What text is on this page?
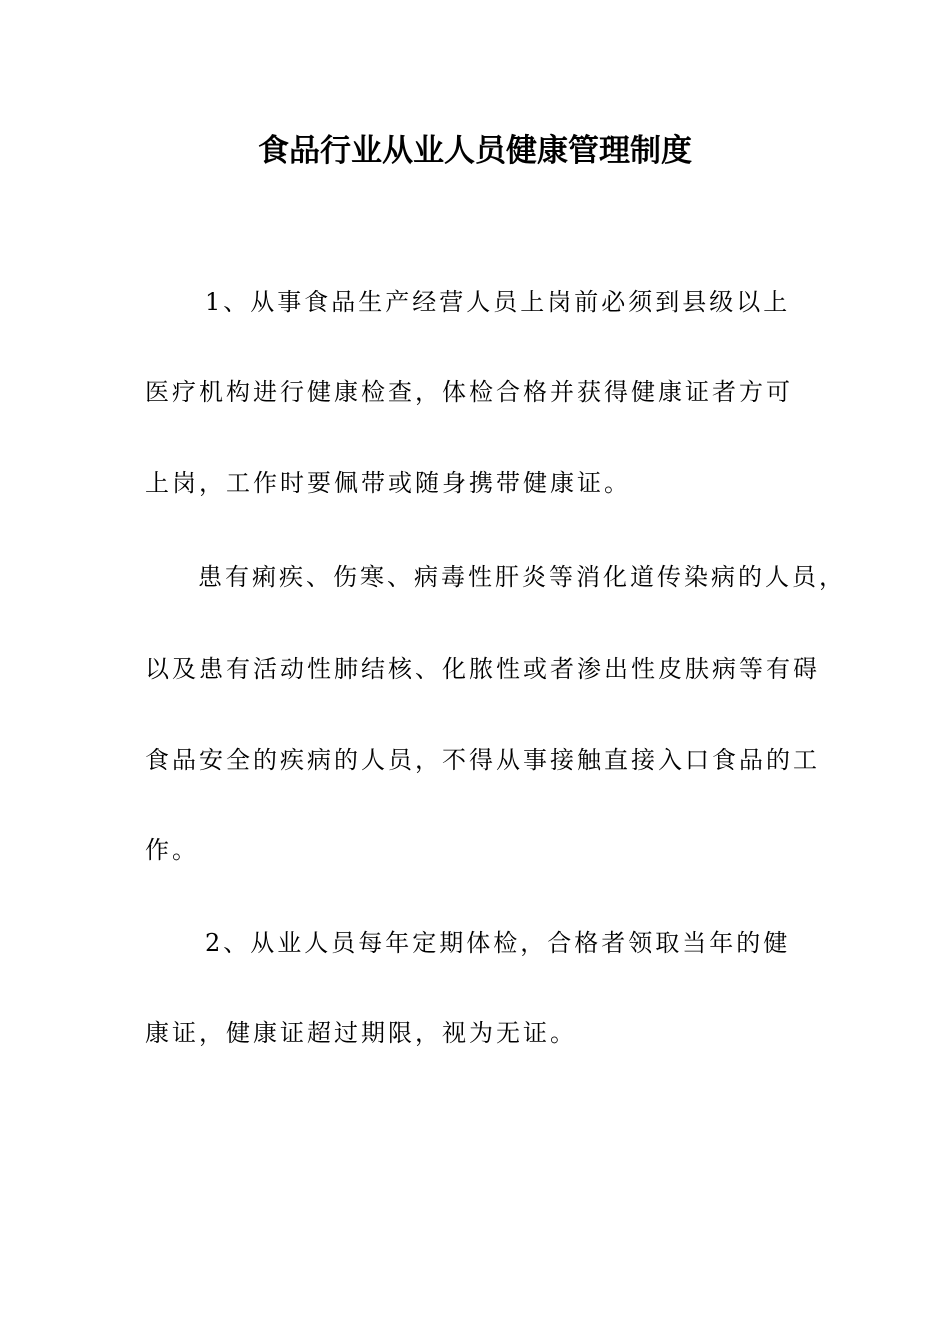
食品行业从业人员健康管理制度
1、从事食品生产经营人员上岗前必须到县级以上
医疗机构进行健康检查，体检合格并获得健康证者方可
上岗，工作时要佩带或随身携带健康证。
患有痢疾、伤寒、病毒性肝炎等消化道传染病的人员，
以及患有活动性肺结核、化脓性或者渗出性皮肤病等有碍
食品安全的疾病的人员，不得从事接触直接入口食品的工
作。
2、从业人员每年定期体检，合格者领取当年的健
康证，健康证超过期限，视为无证。
